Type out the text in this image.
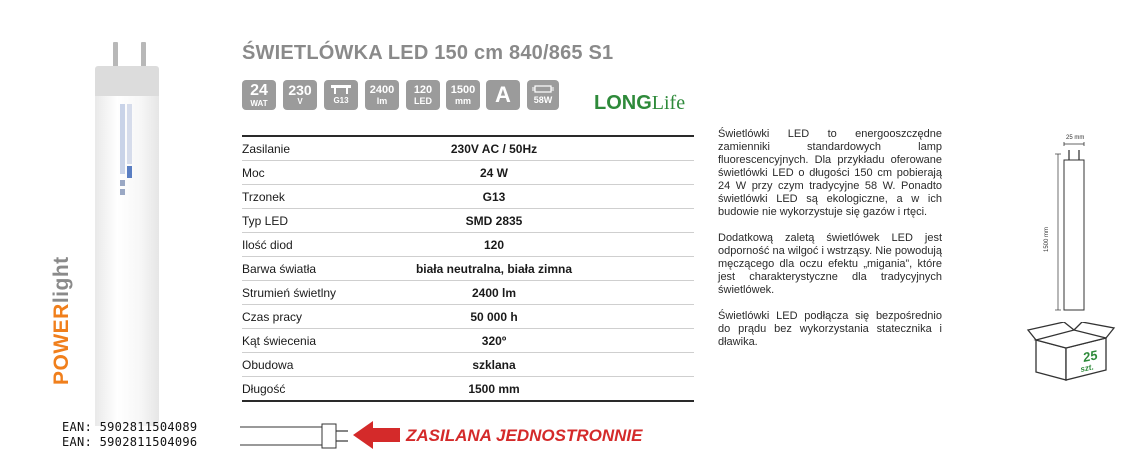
POWERlight
EAN: 5902811504089
EAN: 5902811504096
ŚWIETLÓWKA LED 150 cm 840/865 S1
24
WAT
230
V	G13
2400
lm
120
LED
1500
mm	A	58W	LONGLife
Zasilanie	230V AC / 50Hz
Moc	24 W
Trzonek	G13
Typ LED	SMD 2835
Ilość diod	120
Barwa światła	biała neutralna, biała zimna
Strumień świetlny	2400 lm
Czas pracy	50 000 h
Kąt świecenia	320º
Obudowa	szklana
Długość	1500 mm
ZASILANA JEDNOSTRONNIE

Świetlówki LED to energooszczędne zamienniki standardowych lamp fluorescencyjnych. Dla przykładu oferowane świetlówki LED o długości 150 cm pobierają 24 W przy czym tradycyjne 58 W. Ponadto świetlówki LED są ekologiczne, a w ich budowie nie wykorzystuje się gazów i rtęci.

Dodatkową zaletą świetlówek LED jest odporność na wilgoć i wstrząsy. Nie powodują męczącego dla oczu efektu „migania”, które jest charakterystyczne dla tradycyjnych świetlówek.

Świetlówki LED podłącza się bezpośrednio do prądu bez wykorzystania statecznika i dławika.

25 mm
1500 mm
25
szt.
